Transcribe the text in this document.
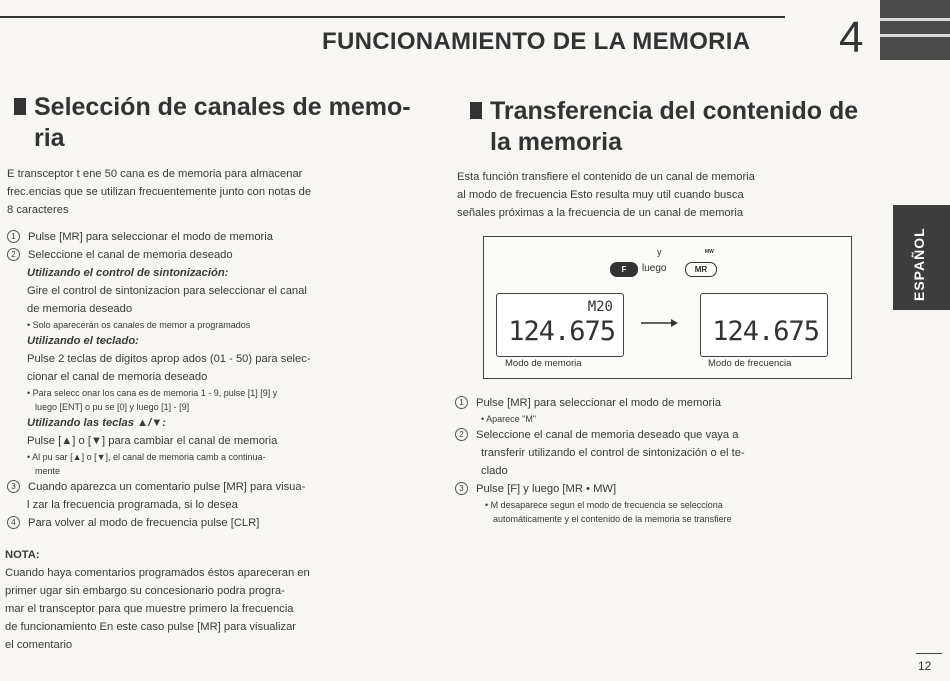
FUNCIONAMIENTO DE LA MEMORIA 4
ESPAÑOL
Selección de canales de memo-
ria
E transceptor t ene 50 cana es de memoria para almacenar
frec.encias que se utilizan frecuentemente junto con notas de
8 caracteres
1 Pulse [MR] para seleccionar el modo de memoria
2 Seleccione el canal de memoria deseado
Utilizando el control de sintonización:
Gire el control de sintonizacion para seleccionar el canal
de memoria deseado
• Solo aparecerán os canales de memor a programados
Utilizando el teclado:
Pulse 2 teclas de digitos aprop ados (01 - 50) para selec-
cionar el canal de memoria deseado
• Para selecc onar los cana es de memoria 1 - 9, pulse [1] [9] y
luego [ENT] o pu se [0] y luego [1] - [9]
Utilizando las teclas ▲/▼:
Pulse [▲] o [▼] para cambiar el canal de memoria
• Al pu sar [▲] o [▼], el canal de memoria camb a continua-
mente
3 Cuando aparezca un comentario pulse [MR] para visua-
l zar la frecuencia programada, si lo desea
4 Para volver al modo de frecuencia pulse [CLR]
NOTA:
Cuando haya comentarios programados éstos apareceran en
primer ugar sin embargo su concesionario podra progra-
mar el transceptor para que muestre primero la frecuencia
de funcionamiento En este caso pulse [MR] para visualizar
el comentario
Transferencia del contenido de
la memoria
Esta función transfiere el contenido de un canal de memoria
al modo de frecuencia Esto resulta muy util cuando busca
señales próximas a la frecuencia de un canal de memoria
y	MW
F	luego	MR
M20
124.675
Modo de memoria
124.675
Modo de frecuencia
1 Pulse [MR] para seleccionar el modo de memoria
• Aparece "M"
2 Seleccione el canal de memoria deseado que vaya a
transferir utilizando el control de sintonización o el te-
clado
3 Pulse [F] y luego [MR • MW]
• M desaparece segun el modo de frecuencia se selecciona
automáticamente y el contenido de la memoria se transfiere
12
